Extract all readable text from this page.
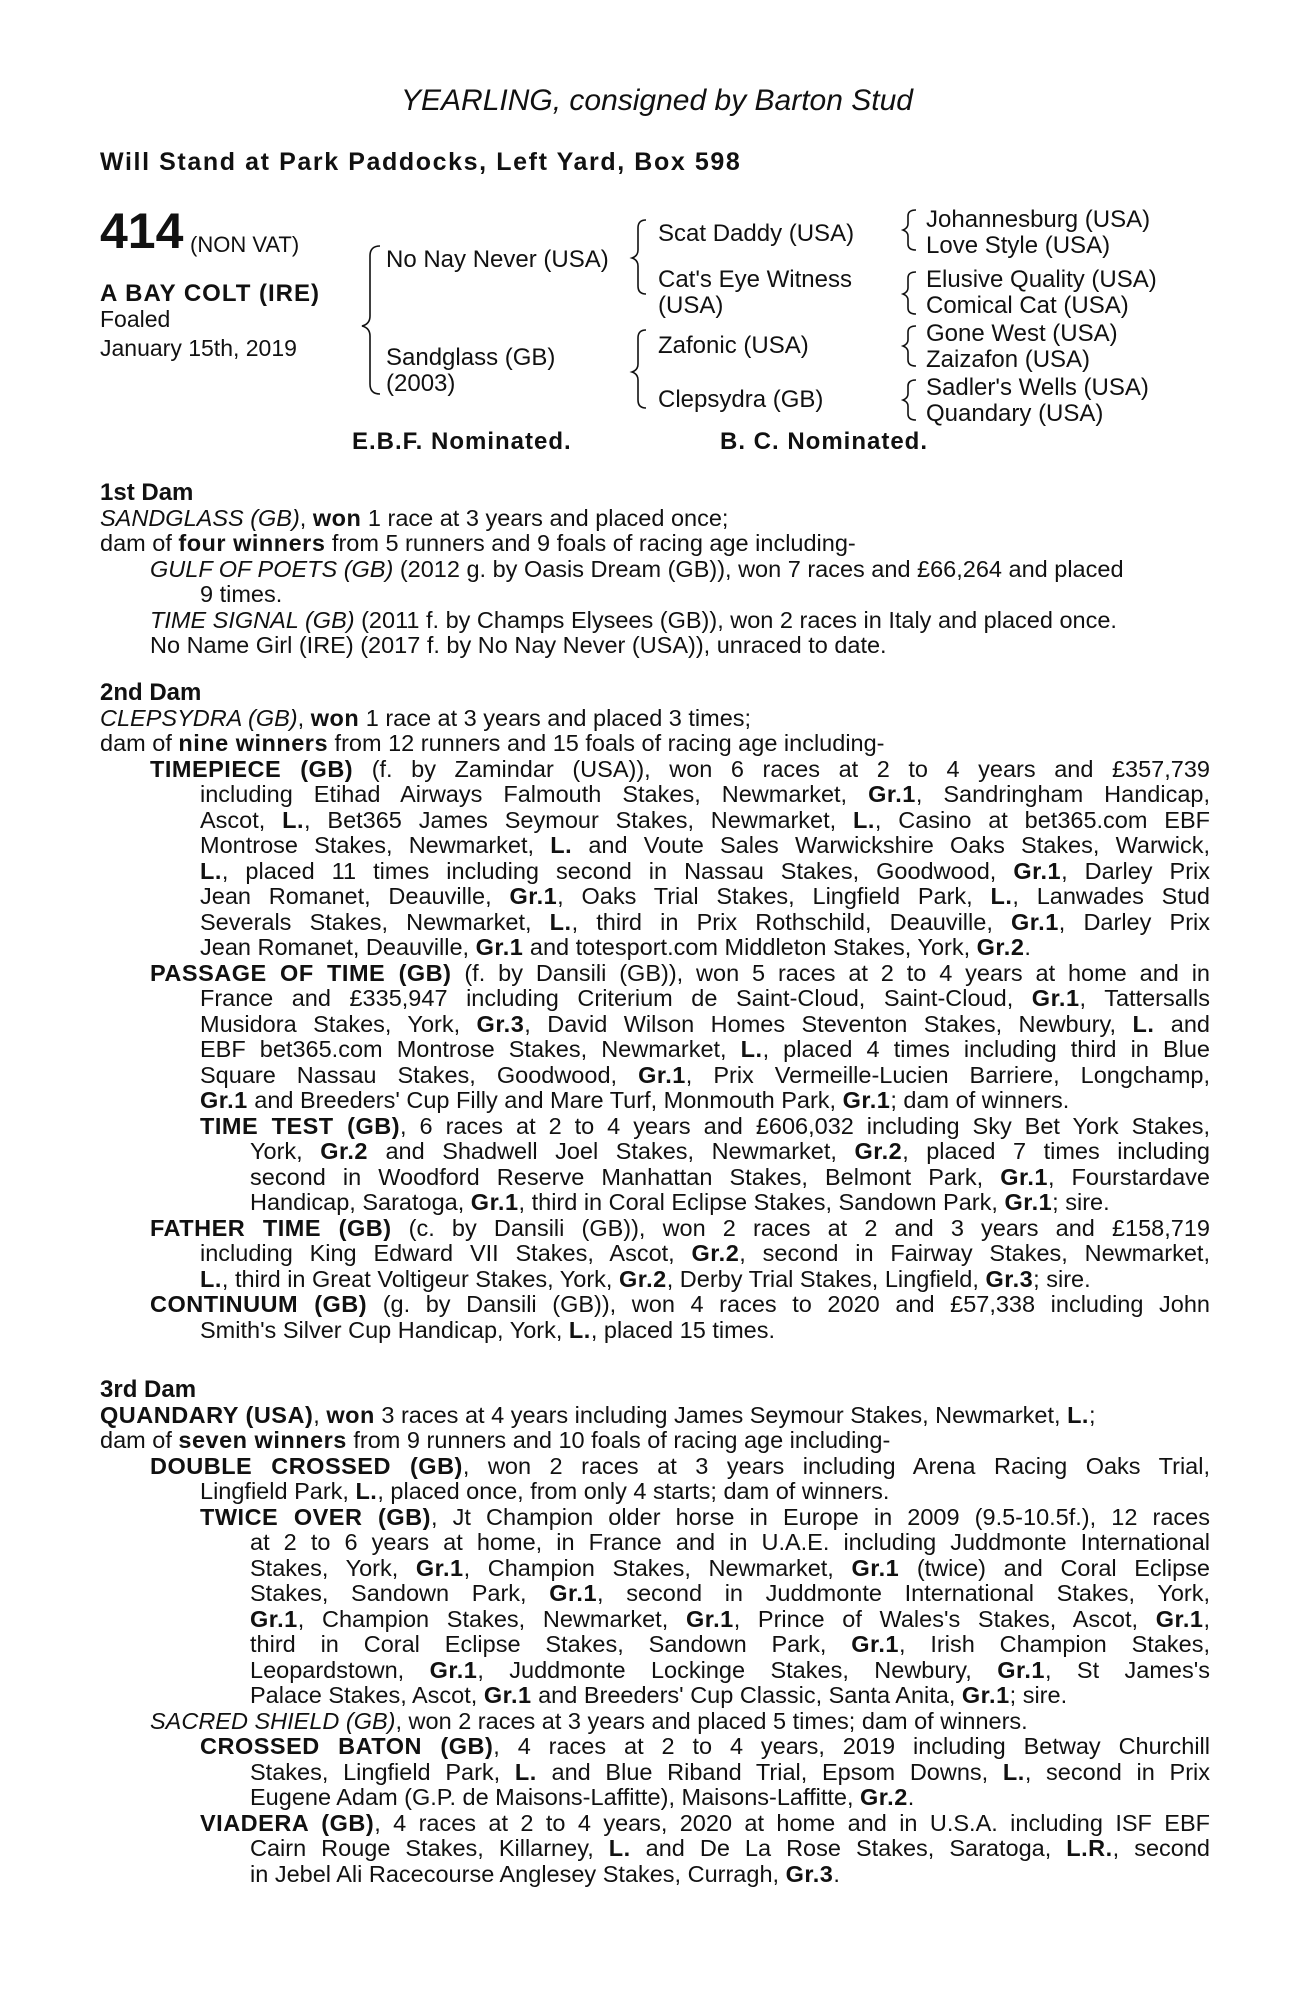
YEARLING, consigned by Barton Stud
Will Stand at Park Paddocks, Left Yard, Box 598
414 (NON VAT)
A BAY COLT (IRE)
Foaled
January 15th, 2019
No Nay Never (USA)
Sandglass (GB)
(2003)
Scat Daddy (USA)
Cat's Eye Witness
(USA)
Zafonic (USA)
Clepsydra (GB)
Johannesburg (USA)
Love Style (USA)
Elusive Quality (USA)
Comical Cat (USA)
Gone West (USA)
Zaizafon (USA)
Sadler's Wells (USA)
Quandary (USA)
E.B.F. Nominated.	B. C. Nominated.
1st Dam
SANDGLASS (GB), won 1 race at 3 years and placed once;
dam of four winners from 5 runners and 9 foals of racing age including-
GULF OF POETS (GB) (2012 g. by Oasis Dream (GB)), won 7 races and £66,264 and placed
9 times.
TIME SIGNAL (GB) (2011 f. by Champs Elysees (GB)), won 2 races in Italy and placed once.
No Name Girl (IRE) (2017 f. by No Nay Never (USA)), unraced to date.
2nd Dam
CLEPSYDRA (GB), won 1 race at 3 years and placed 3 times;
dam of nine winners from 12 runners and 15 foals of racing age including-
TIMEPIECE (GB) (f. by Zamindar (USA)), won 6 races at 2 to 4 years and £357,739
including Etihad Airways Falmouth Stakes, Newmarket, Gr.1, Sandringham Handicap,
Ascot, L., Bet365 James Seymour Stakes, Newmarket, L., Casino at bet365.com EBF
Montrose Stakes, Newmarket, L. and Voute Sales Warwickshire Oaks Stakes, Warwick,
L., placed 11 times including second in Nassau Stakes, Goodwood, Gr.1, Darley Prix
Jean Romanet, Deauville, Gr.1, Oaks Trial Stakes, Lingfield Park, L., Lanwades Stud
Severals Stakes, Newmarket, L., third in Prix Rothschild, Deauville, Gr.1, Darley Prix
Jean Romanet, Deauville, Gr.1 and totesport.com Middleton Stakes, York, Gr.2.
PASSAGE OF TIME (GB) (f. by Dansili (GB)), won 5 races at 2 to 4 years at home and in
France and £335,947 including Criterium de Saint-Cloud, Saint-Cloud, Gr.1, Tattersalls
Musidora Stakes, York, Gr.3, David Wilson Homes Steventon Stakes, Newbury, L. and
EBF bet365.com Montrose Stakes, Newmarket, L., placed 4 times including third in Blue
Square Nassau Stakes, Goodwood, Gr.1, Prix Vermeille-Lucien Barriere, Longchamp,
Gr.1 and Breeders' Cup Filly and Mare Turf, Monmouth Park, Gr.1; dam of winners.
TIME TEST (GB), 6 races at 2 to 4 years and £606,032 including Sky Bet York Stakes,
York, Gr.2 and Shadwell Joel Stakes, Newmarket, Gr.2, placed 7 times including
second in Woodford Reserve Manhattan Stakes, Belmont Park, Gr.1, Fourstardave
Handicap, Saratoga, Gr.1, third in Coral Eclipse Stakes, Sandown Park, Gr.1; sire.
FATHER TIME (GB) (c. by Dansili (GB)), won 2 races at 2 and 3 years and £158,719
including King Edward VII Stakes, Ascot, Gr.2, second in Fairway Stakes, Newmarket,
L., third in Great Voltigeur Stakes, York, Gr.2, Derby Trial Stakes, Lingfield, Gr.3; sire.
CONTINUUM (GB) (g. by Dansili (GB)), won 4 races to 2020 and £57,338 including John
Smith's Silver Cup Handicap, York, L., placed 15 times.
3rd Dam
QUANDARY (USA), won 3 races at 4 years including James Seymour Stakes, Newmarket, L.;
dam of seven winners from 9 runners and 10 foals of racing age including-
DOUBLE CROSSED (GB), won 2 races at 3 years including Arena Racing Oaks Trial,
Lingfield Park, L., placed once, from only 4 starts; dam of winners.
TWICE OVER (GB), Jt Champion older horse in Europe in 2009 (9.5-10.5f.), 12 races
at 2 to 6 years at home, in France and in U.A.E. including Juddmonte International
Stakes, York, Gr.1, Champion Stakes, Newmarket, Gr.1 (twice) and Coral Eclipse
Stakes, Sandown Park, Gr.1, second in Juddmonte International Stakes, York,
Gr.1, Champion Stakes, Newmarket, Gr.1, Prince of Wales's Stakes, Ascot, Gr.1,
third in Coral Eclipse Stakes, Sandown Park, Gr.1, Irish Champion Stakes,
Leopardstown, Gr.1, Juddmonte Lockinge Stakes, Newbury, Gr.1, St James's
Palace Stakes, Ascot, Gr.1 and Breeders' Cup Classic, Santa Anita, Gr.1; sire.
SACRED SHIELD (GB), won 2 races at 3 years and placed 5 times; dam of winners.
CROSSED BATON (GB), 4 races at 2 to 4 years, 2019 including Betway Churchill
Stakes, Lingfield Park, L. and Blue Riband Trial, Epsom Downs, L., second in Prix
Eugene Adam (G.P. de Maisons-Laffitte), Maisons-Laffitte, Gr.2.
VIADERA (GB), 4 races at 2 to 4 years, 2020 at home and in U.S.A. including ISF EBF
Cairn Rouge Stakes, Killarney, L. and De La Rose Stakes, Saratoga, L.R., second
in Jebel Ali Racecourse Anglesey Stakes, Curragh, Gr.3.
